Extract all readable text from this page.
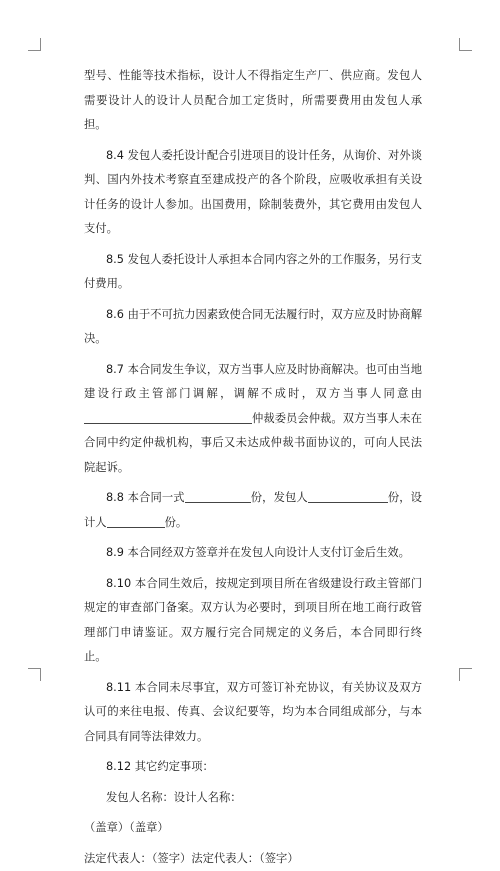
型号、性能等技术指标，设计人不得指定生产厂、供应商。发包人需要设计人的设计人员配合加工定货时，所需要费用由发包人承担。

8.4 发包人委托设计配合引进项目的设计任务，从询价、对外谈判、国内外技术考察直至建成投产的各个阶段，应吸收承担有关设计任务的设计人参加。出国费用，除制装费外，其它费用由发包人支付。

8.5 发包人委托设计人承担本合同内容之外的工作服务，另行支付费用。

8.6 由于不可抗力因素致使合同无法履行时，双方应及时协商解决。

8.7 本合同发生争议，双方当事人应及时协商解决。也可由当地建设行政主管部门调解，调解不成时，双方当事人同意由仲裁委员会仲裁。双方当事人未在合同中约定仲裁机构，事后又未达成仲裁书面协议的，可向人民法院起诉。

8.8 本合同一式	份，发包人	份，设计人	份。

8.9 本合同经双方签章并在发包人向设计人支付订金后生效。

8.10 本合同生效后，按规定到项目所在省级建设行政主管部门规定的审查部门备案。双方认为必要时，到项目所在地工商行政管理部门申请鉴证。双方履行完合同规定的义务后，本合同即行终止。

8.11 本合同未尽事宜，双方可签订补充协议，有关协议及双方认可的来往电报、传真、会议纪要等，均为本合同组成部分，与本合同具有同等法律效力。

8.12 其它约定事项：

发包人名称：设计人名称：

（盖章）（盖章）

法定代表人：（签字）法定代表人：（签字）
